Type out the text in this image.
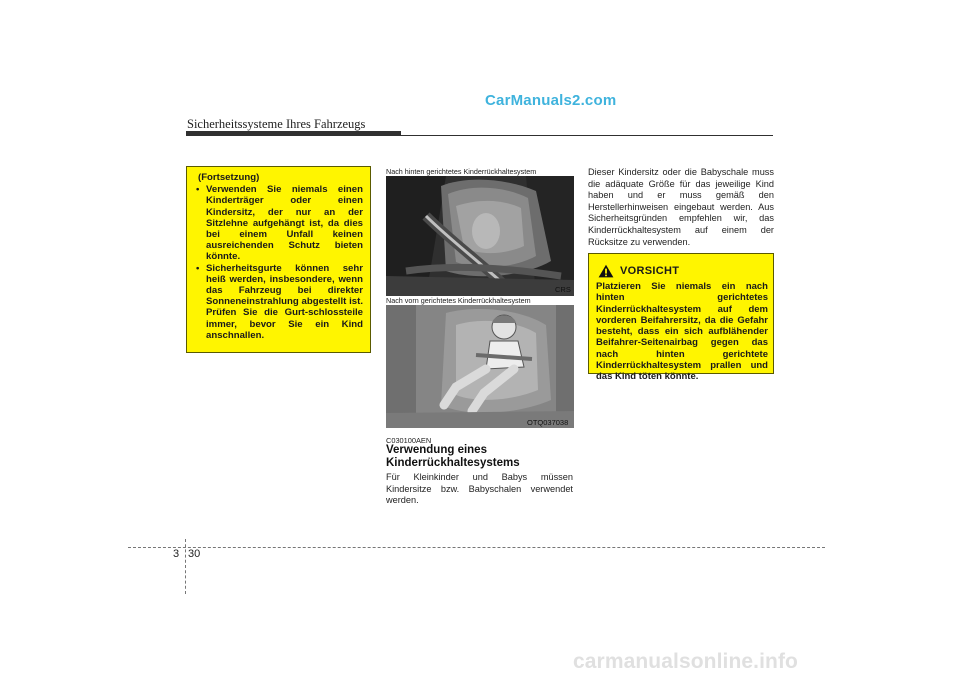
CarManuals2.com
Sicherheitssysteme Ihres Fahrzeugs
(Fortsetzung)
• Verwenden Sie niemals einen Kinderträger oder einen Kindersitz, der nur an der Sitzlehne aufgehängt ist, da dies bei einem Unfall keinen ausreichenden Schutz bieten könnte.
• Sicherheitsgurte können sehr heiß werden, insbesondere, wenn das Fahrzeug bei direkter Sonneneinstrahlung abgestellt ist. Prüfen Sie die Gurt-schlossteile immer, bevor Sie ein Kind anschnallen.
Nach hinten gerichtetes Kinderrückhaltesystem
CRS
Nach vorn gerichtetes Kinderrückhaltesystem
OTQ037038
C030100AEN
Verwendung eines Kinderrückhaltesystems
Für Kleinkinder und Babys müssen Kindersitze bzw. Babyschalen verwendet werden.
Dieser Kindersitz oder die Babyschale muss die adäquate Größe für das jeweilige Kind haben und er muss gemäß den Herstellerhinweisen eingebaut werden. Aus Sicherheitsgründen empfehlen wir, das Kinderrückhaltesystem auf einem der Rücksitze zu verwenden.
VORSICHT
Platzieren Sie niemals ein nach hinten gerichtetes Kinderrückhaltesystem auf dem vorderen Beifahrersitz, da die Gefahr besteht, dass ein sich aufblähender Beifahrer-Seitenairbag gegen das nach hinten gerichtete Kinderrückhaltesystem prallen und das Kind töten könnte.
3 30
carmanualsonline.info
